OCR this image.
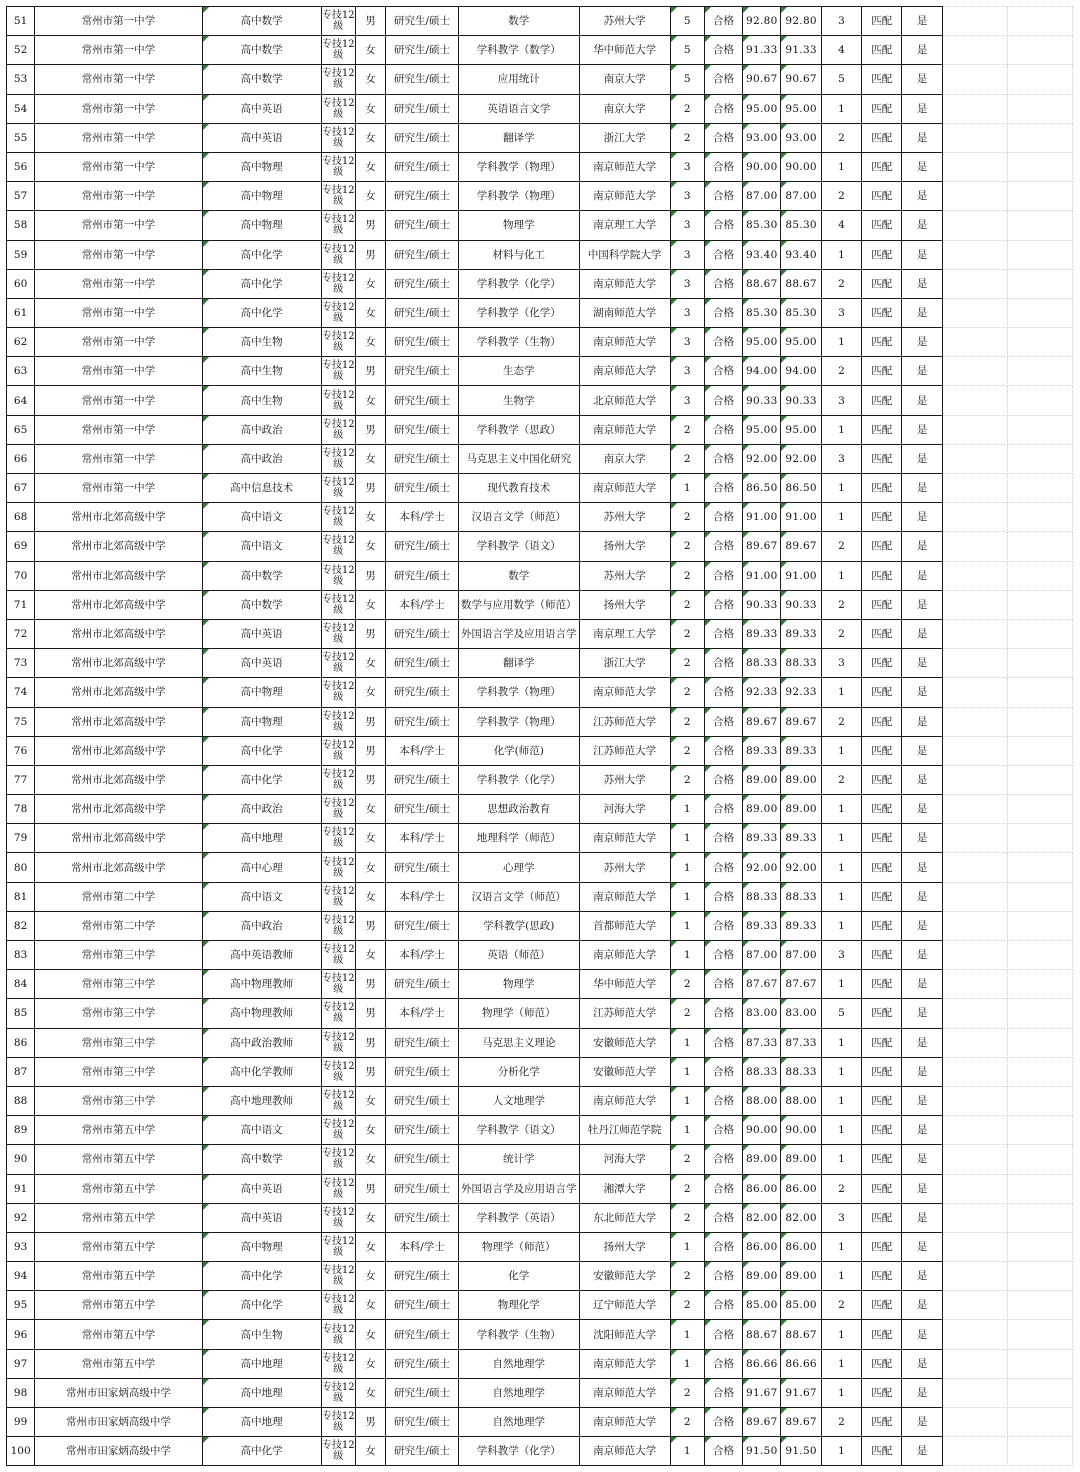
51	常州市第一中学	高中数学	专技12级	男	研究生/硕士	数学	苏州大学	5	合格	92.80	92.80	3	匹配	是		
52	常州市第一中学	高中数学	专技12级	女	研究生/硕士	学科教学（数学）	华中师范大学	5	合格	91.33	91.33	4	匹配	是		
53	常州市第一中学	高中数学	专技12级	女	研究生/硕士	应用统计	南京大学	5	合格	90.67	90.67	5	匹配	是		
54	常州市第一中学	高中英语	专技12级	女	研究生/硕士	英语语言文学	南京大学	2	合格	95.00	95.00	1	匹配	是		
55	常州市第一中学	高中英语	专技12级	女	研究生/硕士	翻译学	浙江大学	2	合格	93.00	93.00	2	匹配	是		
56	常州市第一中学	高中物理	专技12级	女	研究生/硕士	学科教学（物理）	南京师范大学	3	合格	90.00	90.00	1	匹配	是		
57	常州市第一中学	高中物理	专技12级	女	研究生/硕士	学科教学（物理）	南京师范大学	3	合格	87.00	87.00	2	匹配	是		
58	常州市第一中学	高中物理	专技12级	男	研究生/硕士	物理学	南京理工大学	3	合格	85.30	85.30	4	匹配	是		
59	常州市第一中学	高中化学	专技12级	男	研究生/硕士	材料与化工	中国科学院大学	3	合格	93.40	93.40	1	匹配	是		
60	常州市第一中学	高中化学	专技12级	女	研究生/硕士	学科教学（化学）	南京师范大学	3	合格	88.67	88.67	2	匹配	是		
61	常州市第一中学	高中化学	专技12级	女	研究生/硕士	学科教学（化学）	湖南师范大学	3	合格	85.30	85.30	3	匹配	是		
62	常州市第一中学	高中生物	专技12级	女	研究生/硕士	学科教学（生物）	南京师范大学	3	合格	95.00	95.00	1	匹配	是		
63	常州市第一中学	高中生物	专技12级	男	研究生/硕士	生态学	南京师范大学	3	合格	94.00	94.00	2	匹配	是		
64	常州市第一中学	高中生物	专技12级	女	研究生/硕士	生物学	北京师范大学	3	合格	90.33	90.33	3	匹配	是		
65	常州市第一中学	高中政治	专技12级	男	研究生/硕士	学科教学（思政）	南京师范大学	2	合格	95.00	95.00	1	匹配	是		
66	常州市第一中学	高中政治	专技12级	女	研究生/硕士	马克思主义中国化研究	南京大学	2	合格	92.00	92.00	3	匹配	是		
67	常州市第一中学	高中信息技术	专技12级	男	研究生/硕士	现代教育技术	南京师范大学	1	合格	86.50	86.50	1	匹配	是		
68	常州市北郊高级中学	高中语文	专技12级	女	本科/学士	汉语言文学（师范）	苏州大学	2	合格	91.00	91.00	1	匹配	是		
69	常州市北郊高级中学	高中语文	专技12级	女	研究生/硕士	学科教学（语文）	扬州大学	2	合格	89.67	89.67	2	匹配	是		
70	常州市北郊高级中学	高中数学	专技12级	男	研究生/硕士	数学	苏州大学	2	合格	91.00	91.00	1	匹配	是		
71	常州市北郊高级中学	高中数学	专技12级	女	本科/学士	数学与应用数学（师范）	扬州大学	2	合格	90.33	90.33	2	匹配	是		
72	常州市北郊高级中学	高中英语	专技12级	男	研究生/硕士	外国语言学及应用语言学	南京理工大学	2	合格	89.33	89.33	2	匹配	是		
73	常州市北郊高级中学	高中英语	专技12级	女	研究生/硕士	翻译学	浙江大学	2	合格	88.33	88.33	3	匹配	是		
74	常州市北郊高级中学	高中物理	专技12级	女	研究生/硕士	学科教学（物理）	南京师范大学	2	合格	92.33	92.33	1	匹配	是		
75	常州市北郊高级中学	高中物理	专技12级	男	研究生/硕士	学科教学（物理）	江苏师范大学	2	合格	89.67	89.67	2	匹配	是		
76	常州市北郊高级中学	高中化学	专技12级	男	本科/学士	化学(师范)	江苏师范大学	2	合格	89.33	89.33	1	匹配	是		
77	常州市北郊高级中学	高中化学	专技12级	男	研究生/硕士	学科教学（化学）	苏州大学	2	合格	89.00	89.00	2	匹配	是		
78	常州市北郊高级中学	高中政治	专技12级	女	研究生/硕士	思想政治教育	河海大学	1	合格	89.00	89.00	1	匹配	是		
79	常州市北郊高级中学	高中地理	专技12级	女	本科/学士	地理科学（师范）	南京师范大学	1	合格	89.33	89.33	1	匹配	是		
80	常州市北郊高级中学	高中心理	专技12级	女	研究生/硕士	心理学	苏州大学	1	合格	92.00	92.00	1	匹配	是		
81	常州市第二中学	高中语文	专技12级	女	本科/学士	汉语言文学（师范）	南京师范大学	1	合格	88.33	88.33	1	匹配	是		
82	常州市第二中学	高中政治	专技12级	男	研究生/硕士	学科教学(思政)	首都师范大学	1	合格	89.33	89.33	1	匹配	是		
83	常州市第三中学	高中英语教师	专技12级	女	本科/学士	英语（师范）	南京师范大学	1	合格	87.00	87.00	3	匹配	是		
84	常州市第三中学	高中物理教师	专技12级	男	研究生/硕士	物理学	华中师范大学	2	合格	87.67	87.67	1	匹配	是		
85	常州市第三中学	高中物理教师	专技12级	男	本科/学士	物理学（师范）	江苏师范大学	2	合格	83.00	83.00	5	匹配	是		
86	常州市第三中学	高中政治教师	专技12级	男	研究生/硕士	马克思主义理论	安徽师范大学	1	合格	87.33	87.33	1	匹配	是		
87	常州市第三中学	高中化学教师	专技12级	男	研究生/硕士	分析化学	安徽师范大学	1	合格	88.33	88.33	1	匹配	是		
88	常州市第三中学	高中地理教师	专技12级	女	研究生/硕士	人文地理学	南京师范大学	1	合格	88.00	88.00	1	匹配	是		
89	常州市第五中学	高中语文	专技12级	女	研究生/硕士	学科教学（语文）	牡丹江师范学院	1	合格	90.00	90.00	1	匹配	是		
90	常州市第五中学	高中数学	专技12级	女	研究生/硕士	统计学	河海大学	2	合格	89.00	89.00	1	匹配	是		
91	常州市第五中学	高中英语	专技12级	男	研究生/硕士	外国语言学及应用语言学	湘潭大学	2	合格	86.00	86.00	2	匹配	是		
92	常州市第五中学	高中英语	专技12级	女	研究生/硕士	学科教学（英语）	东北师范大学	2	合格	82.00	82.00	3	匹配	是		
93	常州市第五中学	高中物理	专技12级	女	本科/学士	物理学（师范）	扬州大学	1	合格	86.00	86.00	1	匹配	是		
94	常州市第五中学	高中化学	专技12级	女	研究生/硕士	化学	安徽师范大学	2	合格	89.00	89.00	1	匹配	是		
95	常州市第五中学	高中化学	专技12级	女	研究生/硕士	物理化学	辽宁师范大学	2	合格	85.00	85.00	2	匹配	是		
96	常州市第五中学	高中生物	专技12级	女	研究生/硕士	学科教学（生物）	沈阳师范大学	1	合格	88.67	88.67	1	匹配	是		
97	常州市第五中学	高中地理	专技12级	女	研究生/硕士	自然地理学	南京师范大学	1	合格	86.66	86.66	1	匹配	是		
98	常州市田家炳高级中学	高中地理	专技12级	女	研究生/硕士	自然地理学	南京师范大学	2	合格	91.67	91.67	1	匹配	是		
99	常州市田家炳高级中学	高中地理	专技12级	男	研究生/硕士	自然地理学	南京师范大学	2	合格	89.67	89.67	2	匹配	是		
100	常州市田家炳高级中学	高中化学	专技12级	女	研究生/硕士	学科教学（化学）	南京师范大学	1	合格	91.50	91.50	1	匹配	是		
